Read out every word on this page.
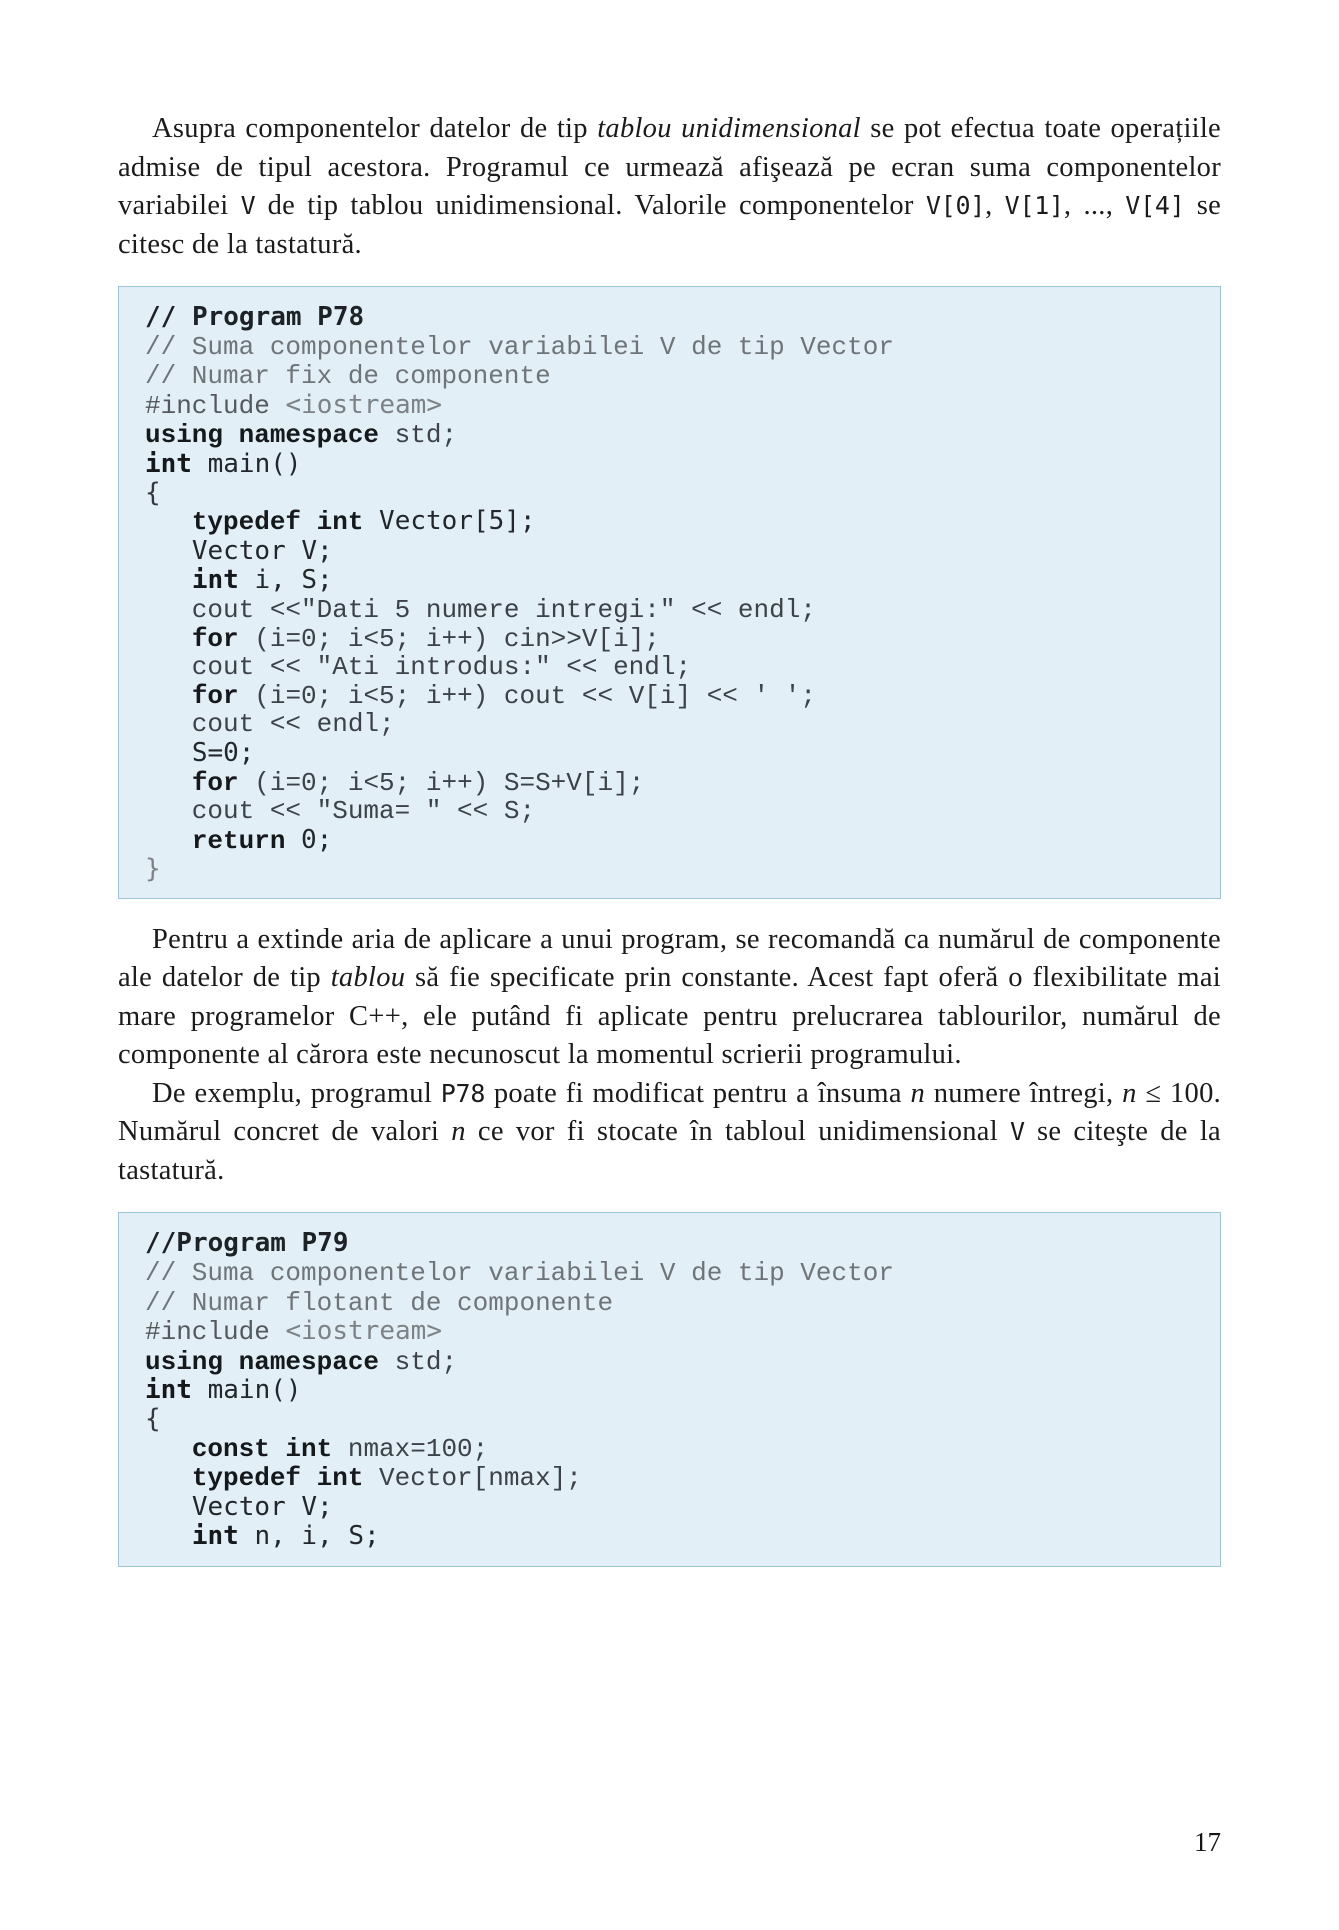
Asupra componentelor datelor de tip tablou unidimensional se pot efectua toate operațiile admise de tipul acestora. Programul ce urmează afişează pe ecran suma componentelor variabilei V de tip tablou unidimensional. Valorile componentelor V[0], V[1], ..., V[4] se citesc de la tastatură.

// Program P78
// Suma componentelor variabilei V de tip Vector
// Numar fix de componente
#include <iostream>
using namespace std;
int main()
{
typedef int Vector[5];
Vector V;
int i, S;
cout <<"Dati 5 numere intregi:" << endl;
for (i=0; i<5; i++) cin>>V[i];
cout << "Ati introdus:" << endl;
for (i=0; i<5; i++) cout << V[i] << ' ';
cout << endl;
S=0;
for (i=0; i<5; i++) S=S+V[i];
cout << "Suma= " << S;
return 0;
}

Pentru a extinde aria de aplicare a unui program, se recomandă ca numărul de componente ale datelor de tip tablou să fie specificate prin constante. Acest fapt oferă o flexibilitate mai mare programelor C++, ele putând fi aplicate pentru prelucrarea tablourilor, numărul de componente al cărora este necunoscut la momentul scrierii programului.

De exemplu, programul P78 poate fi modificat pentru a însuma n numere întregi, n ≤ 100. Numărul concret de valori n ce vor fi stocate în tabloul unidimensional V se citeşte de la tastatură.

//Program P79
// Suma componentelor variabilei V de tip Vector
// Numar flotant de componente
#include <iostream>
using namespace std;
int main()
{
const int nmax=100;
typedef int Vector[nmax];
Vector V;
int n, i, S;
17
